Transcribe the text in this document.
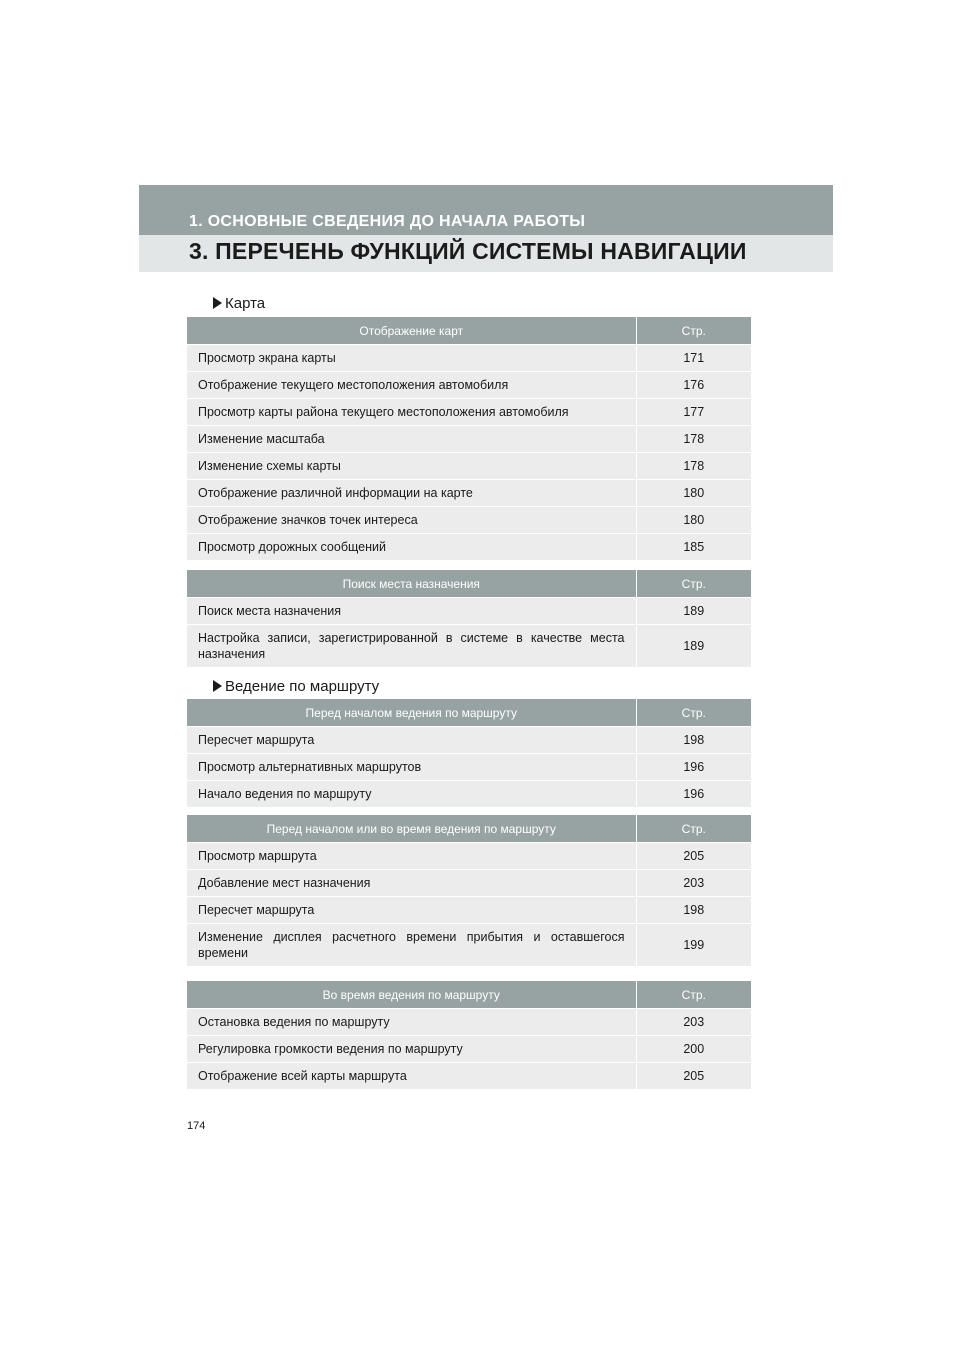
1. ОСНОВНЫЕ СВЕДЕНИЯ ДО НАЧАЛА РАБОТЫ
3. ПЕРЕЧЕНЬ ФУНКЦИЙ СИСТЕМЫ НАВИГАЦИИ
Карта
Отображение карт	Стр.
Просмотр экрана карты	171
Отображение текущего местоположения автомобиля	176
Просмотр карты района текущего местоположения автомобиля	177
Изменение масштаба	178
Изменение схемы карты	178
Отображение различной информации на карте	180
Отображение значков точек интереса	180
Просмотр дорожных сообщений	185
Поиск места назначения	Стр.
Поиск места назначения	189
Настройка записи, зарегистрированной в системе в качестве места назначения	189
Ведение по маршруту
Перед началом ведения по маршруту	Стр.
Пересчет маршрута	198
Просмотр альтернативных маршрутов	196
Начало ведения по маршруту	196
Перед началом или во время ведения по маршруту	Стр.
Просмотр маршрута	205
Добавление мест назначения	203
Пересчет маршрута	198
Изменение дисплея расчетного времени прибытия и оставшегося времени	199
Во время ведения по маршруту	Стр.
Остановка ведения по маршруту	203
Регулировка громкости ведения по маршруту	200
Отображение всей карты маршрута	205
174
